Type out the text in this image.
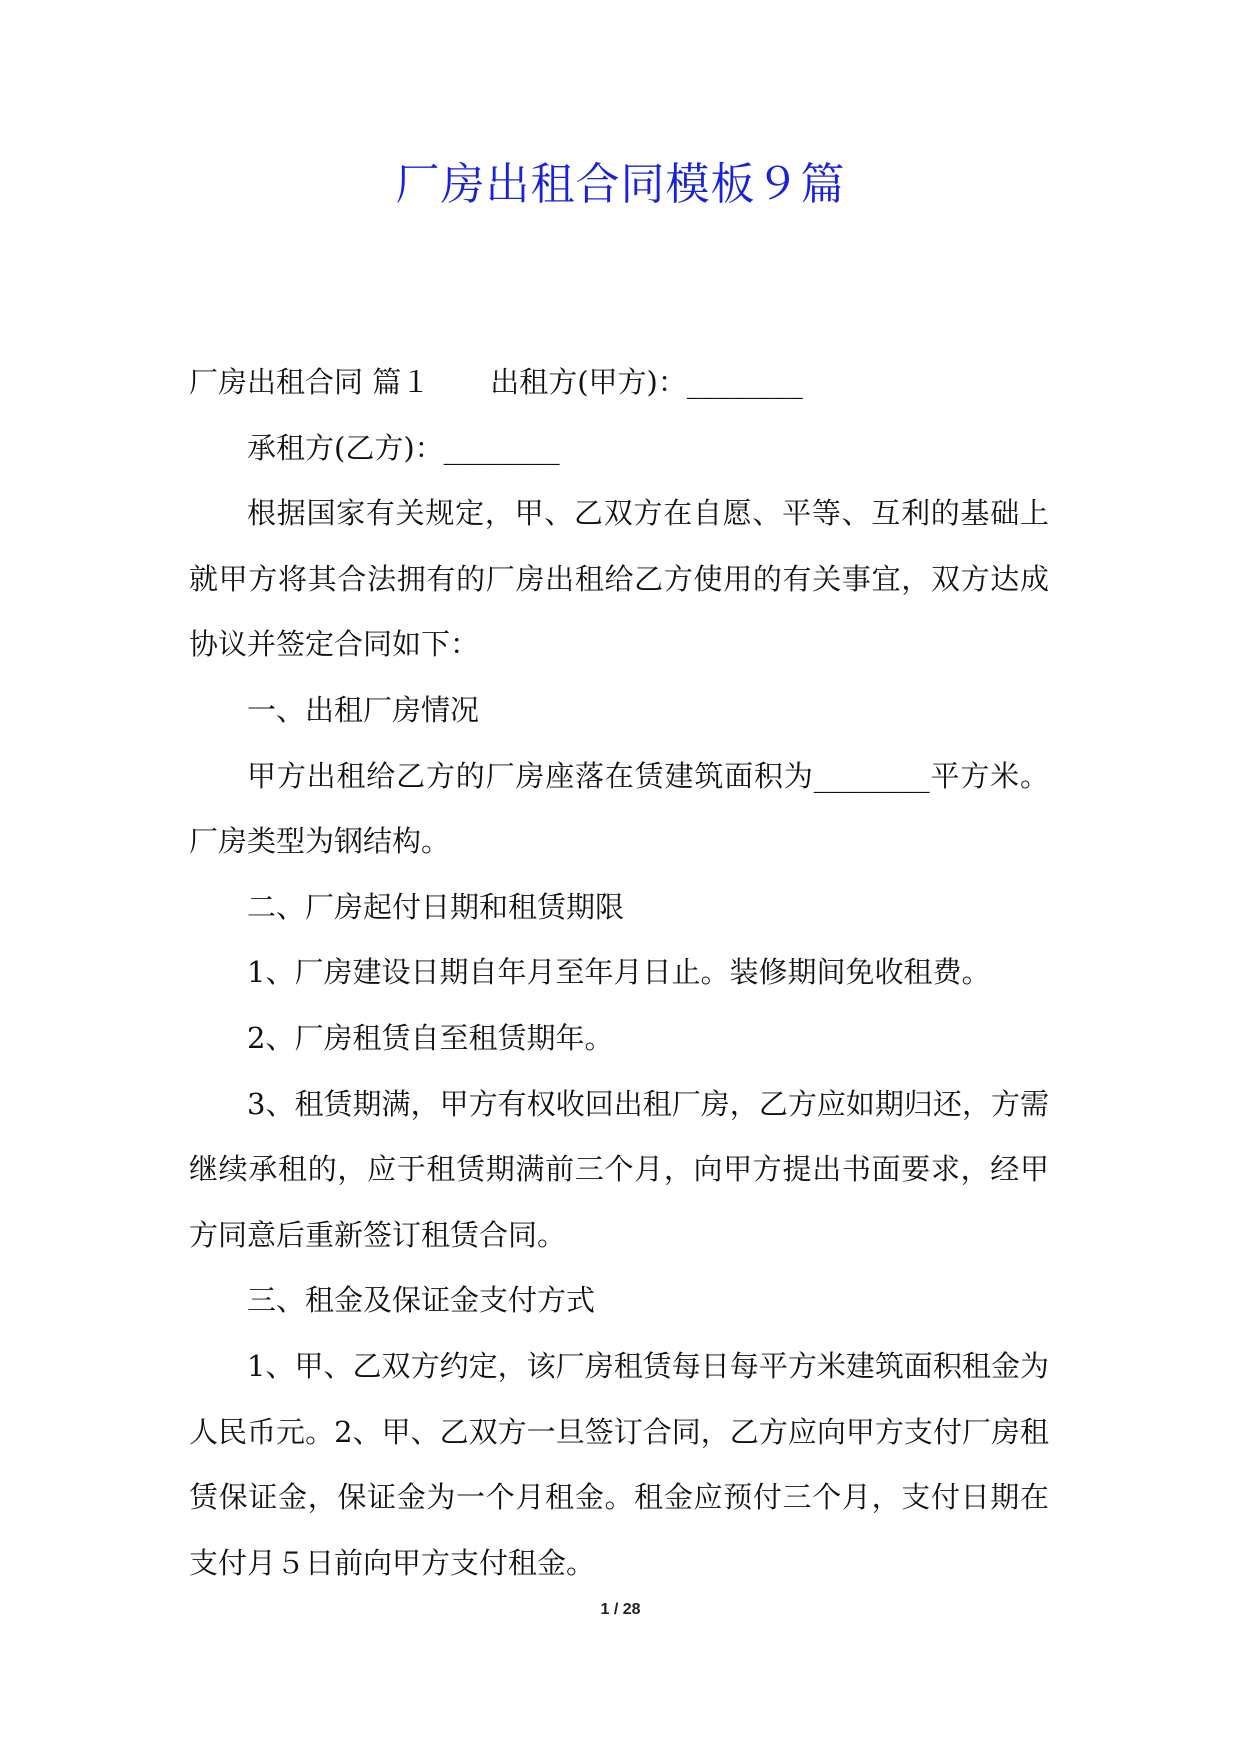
厂房出租合同模板９篇

厂房出租合同 篇１ 出租方(甲方)：________

承租方(乙方)：________

根据国家有关规定，甲、乙双方在自愿、平等、互利的基础上就甲方将其合法拥有的厂房出租给乙方使用的有关事宜，双方达成协议并签定合同如下：

一、出租厂房情况

甲方出租给乙方的厂房座落在赁建筑面积为________平方米。厂房类型为钢结构。

二、厂房起付日期和租赁期限

1、厂房建设日期自年月至年月日止。装修期间免收租费。

2、厂房租赁自至租赁期年。

3、租赁期满，甲方有权收回出租厂房，乙方应如期归还，方需继续承租的，应于租赁期满前三个月，向甲方提出书面要求，经甲方同意后重新签订租赁合同。

三、租金及保证金支付方式

1、甲、乙双方约定，该厂房租赁每日每平方米建筑面积租金为人民币元。2、甲、乙双方一旦签订合同，乙方应向甲方支付厂房租赁保证金，保证金为一个月租金。租金应预付三个月，支付日期在支付月５日前向甲方支付租金。

1 / 28
